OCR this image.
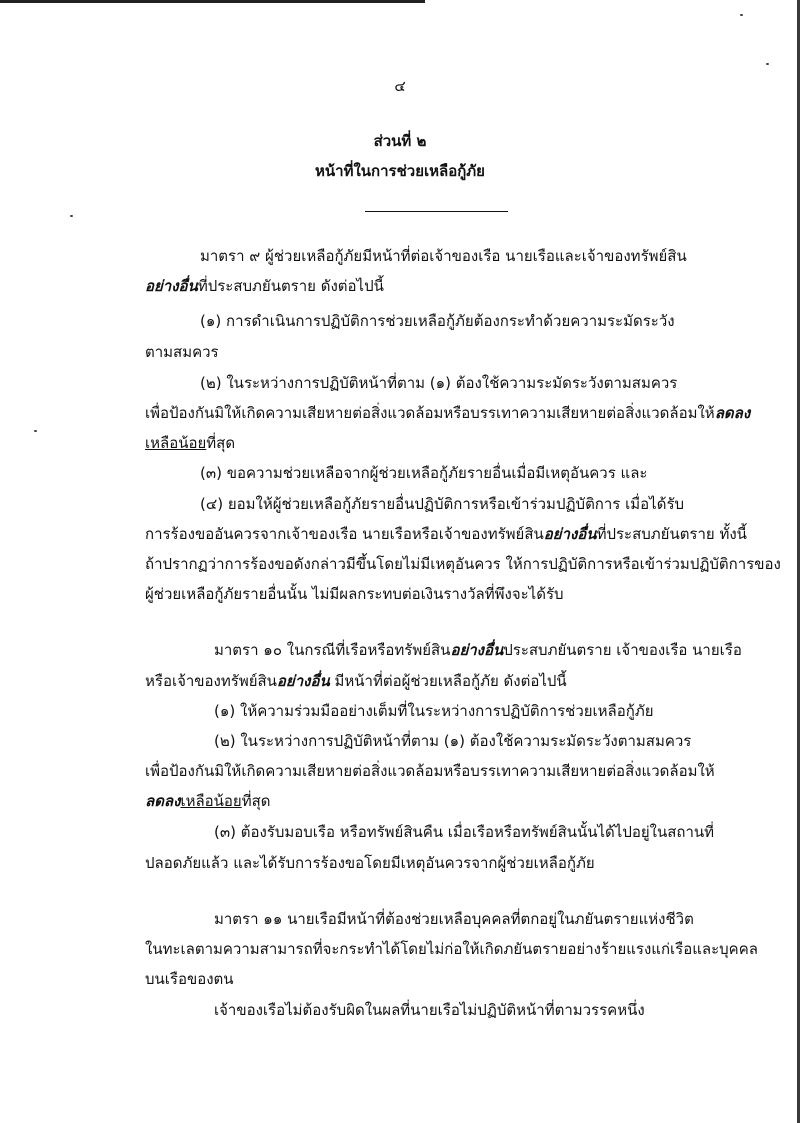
๔
ส่วนที่ ๒
หน้าที่ในการช่วยเหลือกู้ภัย
มาตรา ๙ ผู้ช่วยเหลือกู้ภัยมีหน้าที่ต่อเจ้าของเรือ นายเรือและเจ้าของทรัพย์สิน
อย่างอื่นที่ประสบภยันตราย ดังต่อไปนี้
(๑) การดำเนินการปฏิบัติการช่วยเหลือกู้ภัยต้องกระทำด้วยความระมัดระวัง
ตามสมควร
(๒) ในระหว่างการปฏิบัติหน้าที่ตาม (๑) ต้องใช้ความระมัดระวังตามสมควร
เพื่อป้องกันมิให้เกิดความเสียหายต่อสิ่งแวดล้อมหรือบรรเทาความเสียหายต่อสิ่งแวดล้อมให้ลดลง
เหลือน้อยที่สุด
(๓) ขอความช่วยเหลือจากผู้ช่วยเหลือกู้ภัยรายอื่นเมื่อมีเหตุอันควร และ
(๔) ยอมให้ผู้ช่วยเหลือกู้ภัยรายอื่นปฏิบัติการหรือเข้าร่วมปฏิบัติการ เมื่อได้รับ
การร้องขออันควรจากเจ้าของเรือ นายเรือหรือเจ้าของทรัพย์สินอย่างอื่นที่ประสบภยันตราย ทั้งนี้
ถ้าปรากฏว่าการร้องขอดังกล่าวมีขึ้นโดยไม่มีเหตุอันควร ให้การปฏิบัติการหรือเข้าร่วมปฏิบัติการของ
ผู้ช่วยเหลือกู้ภัยรายอื่นนั้น ไม่มีผลกระทบต่อเงินรางวัลที่พึงจะได้รับ
มาตรา ๑๐ ในกรณีที่เรือหรือทรัพย์สินอย่างอื่นประสบภยันตราย เจ้าของเรือ นายเรือ
หรือเจ้าของทรัพย์สินอย่างอื่น มีหน้าที่ต่อผู้ช่วยเหลือกู้ภัย ดังต่อไปนี้
(๑) ให้ความร่วมมืออย่างเต็มที่ในระหว่างการปฏิบัติการช่วยเหลือกู้ภัย
(๒) ในระหว่างการปฏิบัติหน้าที่ตาม (๑) ต้องใช้ความระมัดระวังตามสมควร
เพื่อป้องกันมิให้เกิดความเสียหายต่อสิ่งแวดล้อมหรือบรรเทาความเสียหายต่อสิ่งแวดล้อมให้
ลดลงเหลือน้อยที่สุด
(๓) ต้องรับมอบเรือ หรือทรัพย์สินคืน เมื่อเรือหรือทรัพย์สินนั้นได้ไปอยู่ในสถานที่
ปลอดภัยแล้ว และได้รับการร้องขอโดยมีเหตุอันควรจากผู้ช่วยเหลือกู้ภัย
มาตรา ๑๑ นายเรือมีหน้าที่ต้องช่วยเหลือบุคคลที่ตกอยู่ในภยันตรายแห่งชีวิต
ในทะเลตามความสามารถที่จะกระทำได้โดยไม่ก่อให้เกิดภยันตรายอย่างร้ายแรงแก่เรือและบุคคล
บนเรือของตน
เจ้าของเรือไม่ต้องรับผิดในผลที่นายเรือไม่ปฏิบัติหน้าที่ตามวรรคหนึ่ง
